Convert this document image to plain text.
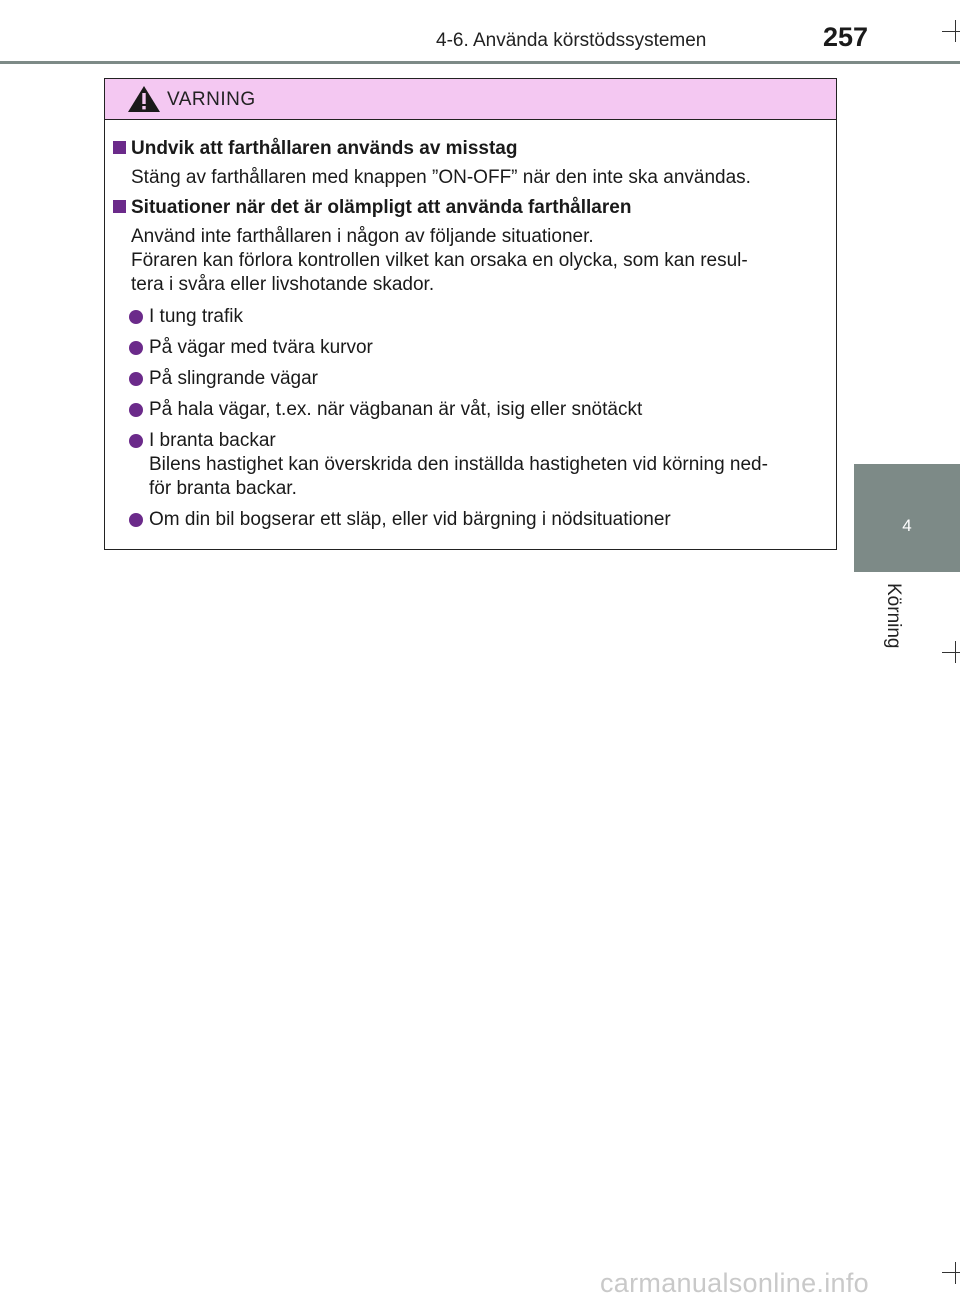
4-6. Använda körstödssystemen	257
4
Körning
VARNING
Undvik att farthållaren används av misstag
Stäng av farthållaren med knappen ”ON-OFF” när den inte ska användas.
Situationer när det är olämpligt att använda farthållaren
Använd inte farthållaren i någon av följande situationer.
Föraren kan förlora kontrollen vilket kan orsaka en olycka, som kan resul-
tera i svåra eller livshotande skador.
I tung trafik
På vägar med tvära kurvor
På slingrande vägar
På hala vägar, t.ex. när vägbanan är våt, isig eller snötäckt
I branta backar
Bilens hastighet kan överskrida den inställda hastigheten vid körning ned-
för branta backar.
Om din bil bogserar ett släp, eller vid bärgning i nödsituationer
carmanualsonline.info
